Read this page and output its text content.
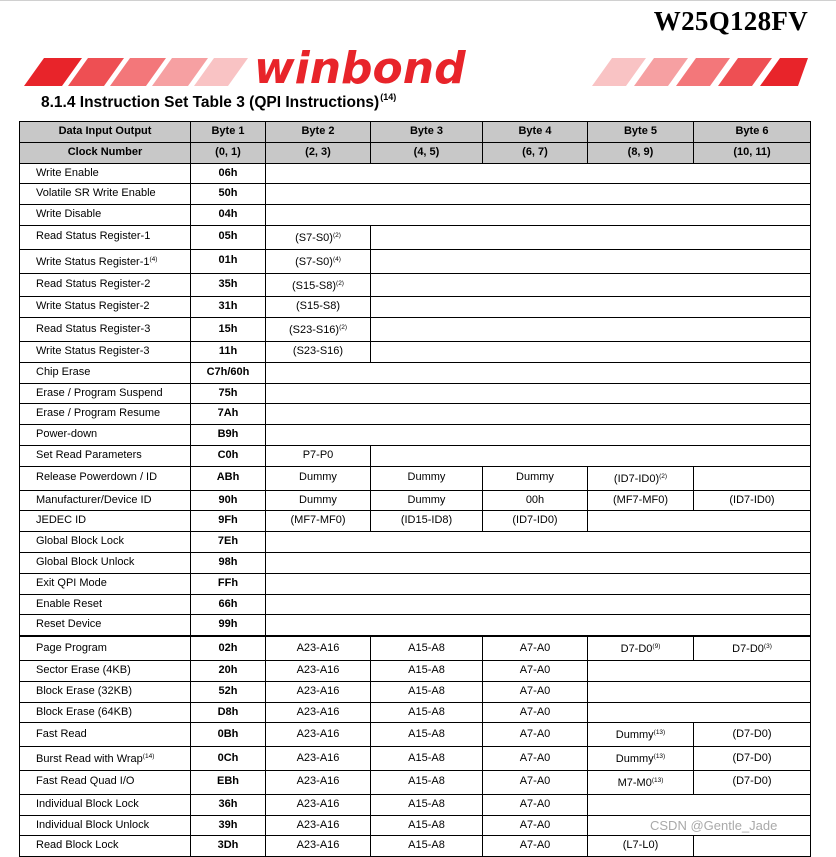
W25Q128FV
winbond
8.1.4 Instruction Set Table 3 (QPI Instructions)$^{(14)}$
Data Input Output	Byte 1	Byte 2	Byte 3	Byte 4	Byte 5	Byte 6
Clock Number	(0, 1)	(2, 3)	(4, 5)	(6, 7)	(8, 9)	(10, 11)
Write Enable	06h					
Volatile SR Write Enable	50h					
Write Disable	04h					
Read Status Register-1	05h	$(S7-S0)^{(2)}$	
Write Status Register-1$^{(4)}$	01h	$(S7-S0)^{(4)}$	
Read Status Register-2	35h	$(S15-S8)^{(2)}$	
Write Status Register-2	31h	(S15-S8)				
Read Status Register-3	15h	$(S23-S16)^{(2)}$	
Write Status Register-3	11h	(S23-S16)				
Chip Erase	C7h/60h					
Erase / Program Suspend	75h					
Erase / Program Resume	7Ah					
Power-down	B9h					
Set Read Parameters	C0h	P7-P0				
Release Powerdown / ID	ABh	Dummy	Dummy	Dummy	$(ID7-ID0)^{(2)}$	
Manufacturer/Device ID	90h	Dummy	Dummy	00h	(MF7-MF0)	(ID7-ID0)
JEDEC ID	9Fh	(MF7-MF0)	(ID15-ID8)	(ID7-ID0)		
Global Block Lock	7Eh					
Global Block Unlock	98h					
Exit QPI Mode	FFh					
Enable Reset	66h					
Reset Device	99h					
Page Program	02h	A23-A16	A15-A8	A7-A0	D7-D0$^{(9)}$	D7-D0$^{(3)}$
Sector Erase (4KB)	20h	A23-A16	A15-A8	A7-A0		
Block Erase (32KB)	52h	A23-A16	A15-A8	A7-A0		
Block Erase (64KB)	D8h	A23-A16	A15-A8	A7-A0		
Fast Read	0Bh	A23-A16	A15-A8	A7-A0	Dummy$^{(13)}$	(D7-D0)
Burst Read with Wrap$^{(14)}$	0Ch	A23-A16	A15-A8	A7-A0	Dummy$^{(13)}$	(D7-D0)
Fast Read Quad I/O	EBh	A23-A16	A15-A8	A7-A0	M7-M0$^{(13)}$	(D7-D0)
Individual Block Lock	36h	A23-A16	A15-A8	A7-A0		
Individual Block Unlock	39h	A23-A16	A15-A8	A7-A0		
Read Block Lock	3Dh	A23-A16	A15-A8	A7-A0	(L7-L0)	
CSDN @Gentle_Jade
